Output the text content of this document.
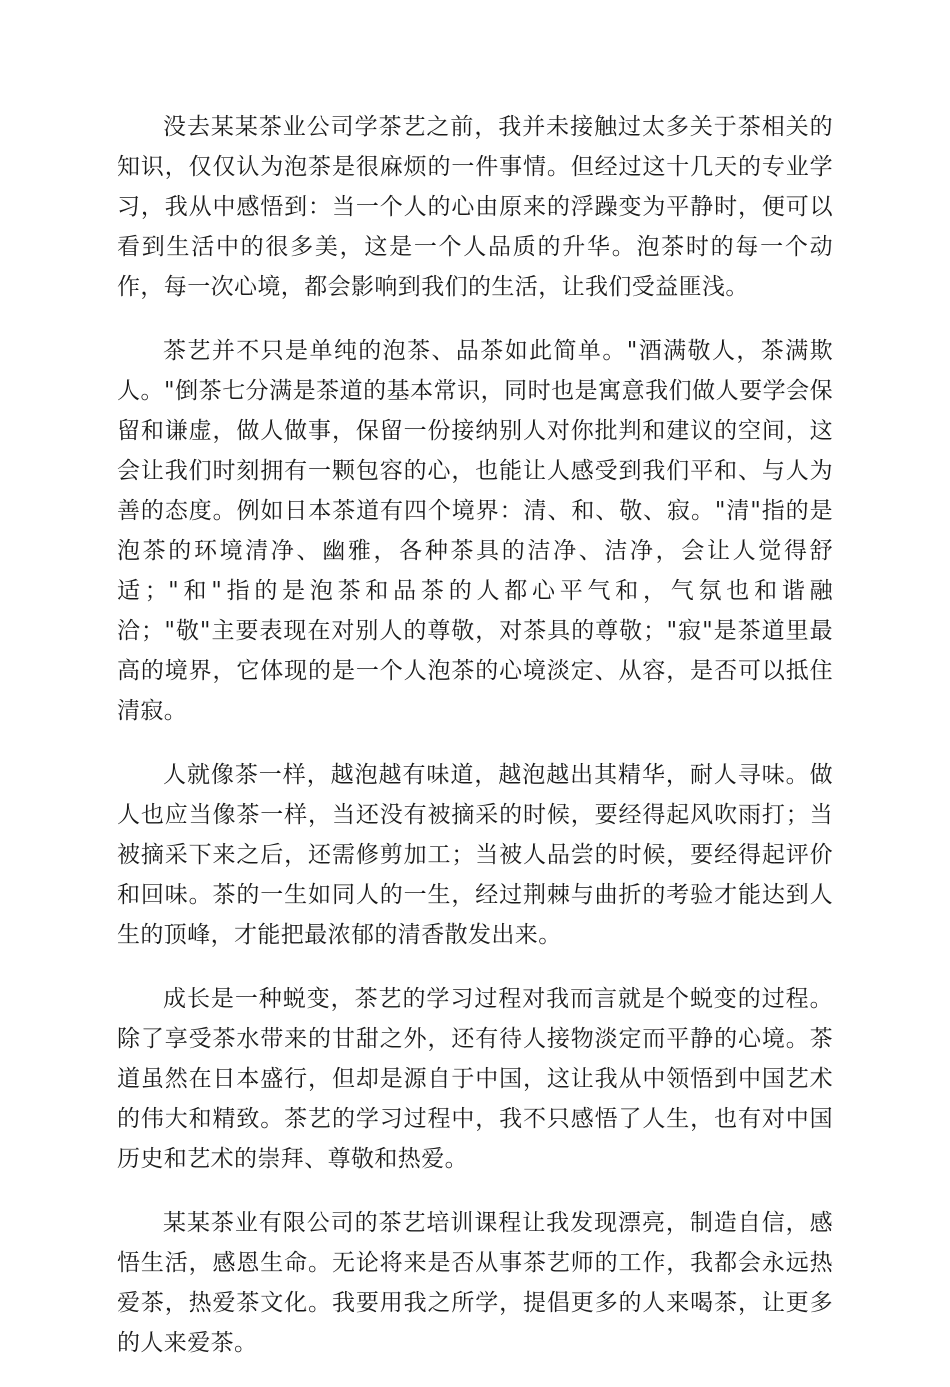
没去某某茶业公司学茶艺之前，我并未接触过太多关于茶相关的知识，仅仅认为泡茶是很麻烦的一件事情。但经过这十几天的专业学习，我从中感悟到：当一个人的心由原来的浮躁变为平静时，便可以看到生活中的很多美，这是一个人品质的升华。泡茶时的每一个动作，每一次心境，都会影响到我们的生活，让我们受益匪浅。

茶艺并不只是单纯的泡茶、品茶如此简单。"酒满敬人，茶满欺人。"倒茶七分满是茶道的基本常识，同时也是寓意我们做人要学会保留和谦虚，做人做事，保留一份接纳别人对你批判和建议的空间，这会让我们时刻拥有一颗包容的心，也能让人感受到我们平和、与人为善的态度。例如日本茶道有四个境界：清、和、敬、寂。"清"指的是泡茶的环境清净、幽雅，各种茶具的洁净、洁净，会让人觉得舒适；"和"指的是泡茶和品茶的人都心平气和，气氛也和谐融洽；"敬"主要表现在对别人的尊敬，对茶具的尊敬；"寂"是茶道里最高的境界，它体现的是一个人泡茶的心境淡定、从容，是否可以抵住清寂。

人就像茶一样，越泡越有味道，越泡越出其精华，耐人寻味。做人也应当像茶一样，当还没有被摘采的时候，要经得起风吹雨打；当被摘采下来之后，还需修剪加工；当被人品尝的时候，要经得起评价和回味。茶的一生如同人的一生，经过荆棘与曲折的考验才能达到人生的顶峰，才能把最浓郁的清香散发出来。

成长是一种蜕变，茶艺的学习过程对我而言就是个蜕变的过程。除了享受茶水带来的甘甜之外，还有待人接物淡定而平静的心境。茶道虽然在日本盛行，但却是源自于中国，这让我从中领悟到中国艺术的伟大和精致。茶艺的学习过程中，我不只感悟了人生，也有对中国历史和艺术的崇拜、尊敬和热爱。

某某茶业有限公司的茶艺培训课程让我发现漂亮，制造自信，感悟生活，感恩生命。无论将来是否从事茶艺师的工作，我都会永远热爱茶，热爱茶文化。我要用我之所学，提倡更多的人来喝茶，让更多的人来爱茶。
